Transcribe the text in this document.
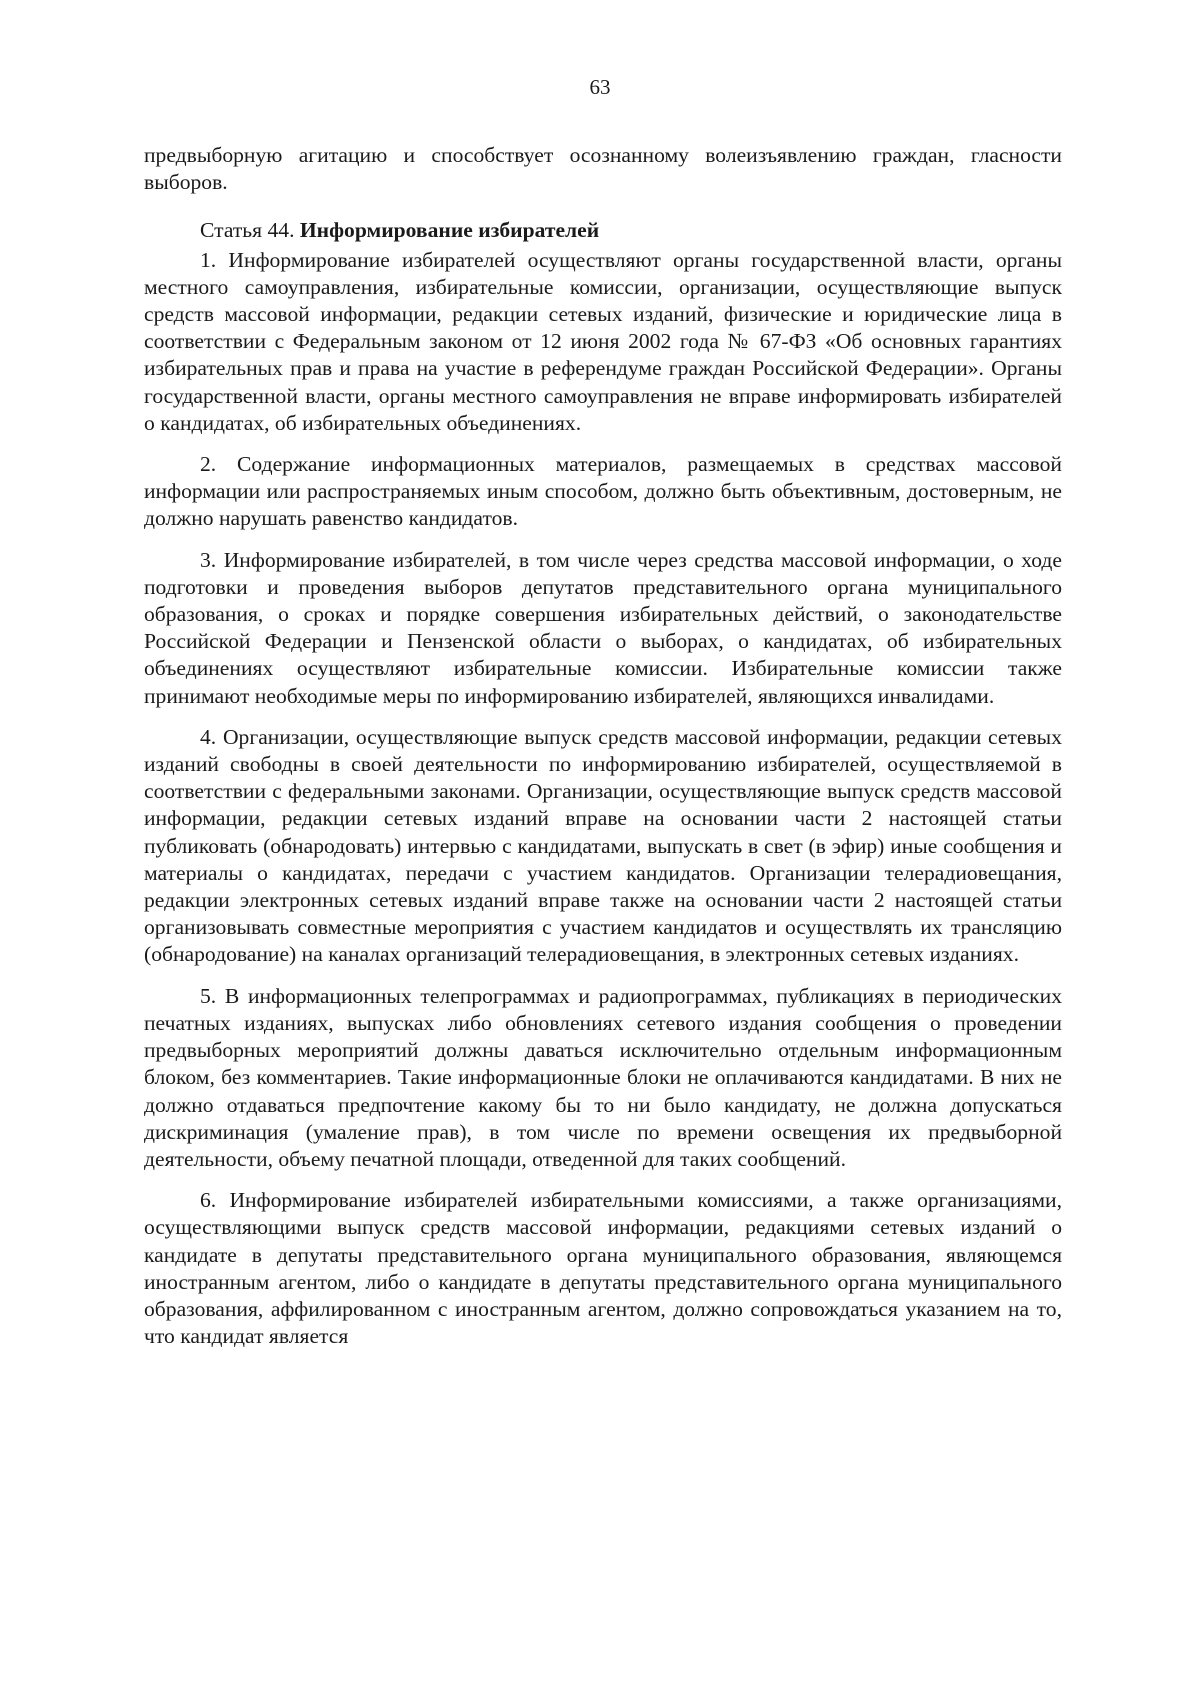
63

предвыборную агитацию и способствует осознанному волеизъявлению граждан, гласности выборов.

Статья 44. Информирование избирателей

1. Информирование избирателей осуществляют органы государственной власти, органы местного самоуправления, избирательные комиссии, организации, осуществляющие выпуск средств массовой информации, редакции сетевых изданий, физические и юридические лица в соответствии с Федеральным законом от 12 июня 2002 года № 67-ФЗ «Об основных гарантиях избирательных прав и права на участие в референдуме граждан Российской Федерации». Органы государственной власти, органы местного самоуправления не вправе информировать избирателей о кандидатах, об избирательных объединениях.

2. Содержание информационных материалов, размещаемых в средствах массовой информации или распространяемых иным способом, должно быть объективным, достоверным, не должно нарушать равенство кандидатов.

3. Информирование избирателей, в том числе через средства массовой информации, о ходе подготовки и проведения выборов депутатов представительного органа муниципального образования, о сроках и порядке совершения избирательных действий, о законодательстве Российской Федерации и Пензенской области о выборах, о кандидатах, об избирательных объединениях осуществляют избирательные комиссии. Избирательные комиссии также принимают необходимые меры по информированию избирателей, являющихся инвалидами.

4. Организации, осуществляющие выпуск средств массовой информации, редакции сетевых изданий свободны в своей деятельности по информированию избирателей, осуществляемой в соответствии с федеральными законами. Организации, осуществляющие выпуск средств массовой информации, редакции сетевых изданий вправе на основании части 2 настоящей статьи публиковать (обнародовать) интервью с кандидатами, выпускать в свет (в эфир) иные сообщения и материалы о кандидатах, передачи с участием кандидатов. Организации телерадиовещания, редакции электронных сетевых изданий вправе также на основании части 2 настоящей статьи организовывать совместные мероприятия с участием кандидатов и осуществлять их трансляцию (обнародование) на каналах организаций телерадиовещания, в электронных сетевых изданиях.

5. В информационных телепрограммах и радиопрограммах, публикациях в периодических печатных изданиях, выпусках либо обновлениях сетевого издания сообщения о проведении предвыборных мероприятий должны даваться исключительно отдельным информационным блоком, без комментариев. Такие информационные блоки не оплачиваются кандидатами. В них не должно отдаваться предпочтение какому бы то ни было кандидату, не должна допускаться дискриминация (умаление прав), в том числе по времени освещения их предвыборной деятельности, объему печатной площади, отведенной для таких сообщений.

6. Информирование избирателей избирательными комиссиями, а также организациями, осуществляющими выпуск средств массовой информации, редакциями сетевых изданий о кандидате в депутаты представительного органа муниципального образования, являющемся иностранным агентом, либо о кандидате в депутаты представительного органа муниципального образования, аффилированном с иностранным агентом, должно сопровождаться указанием на то, что кандидат является
